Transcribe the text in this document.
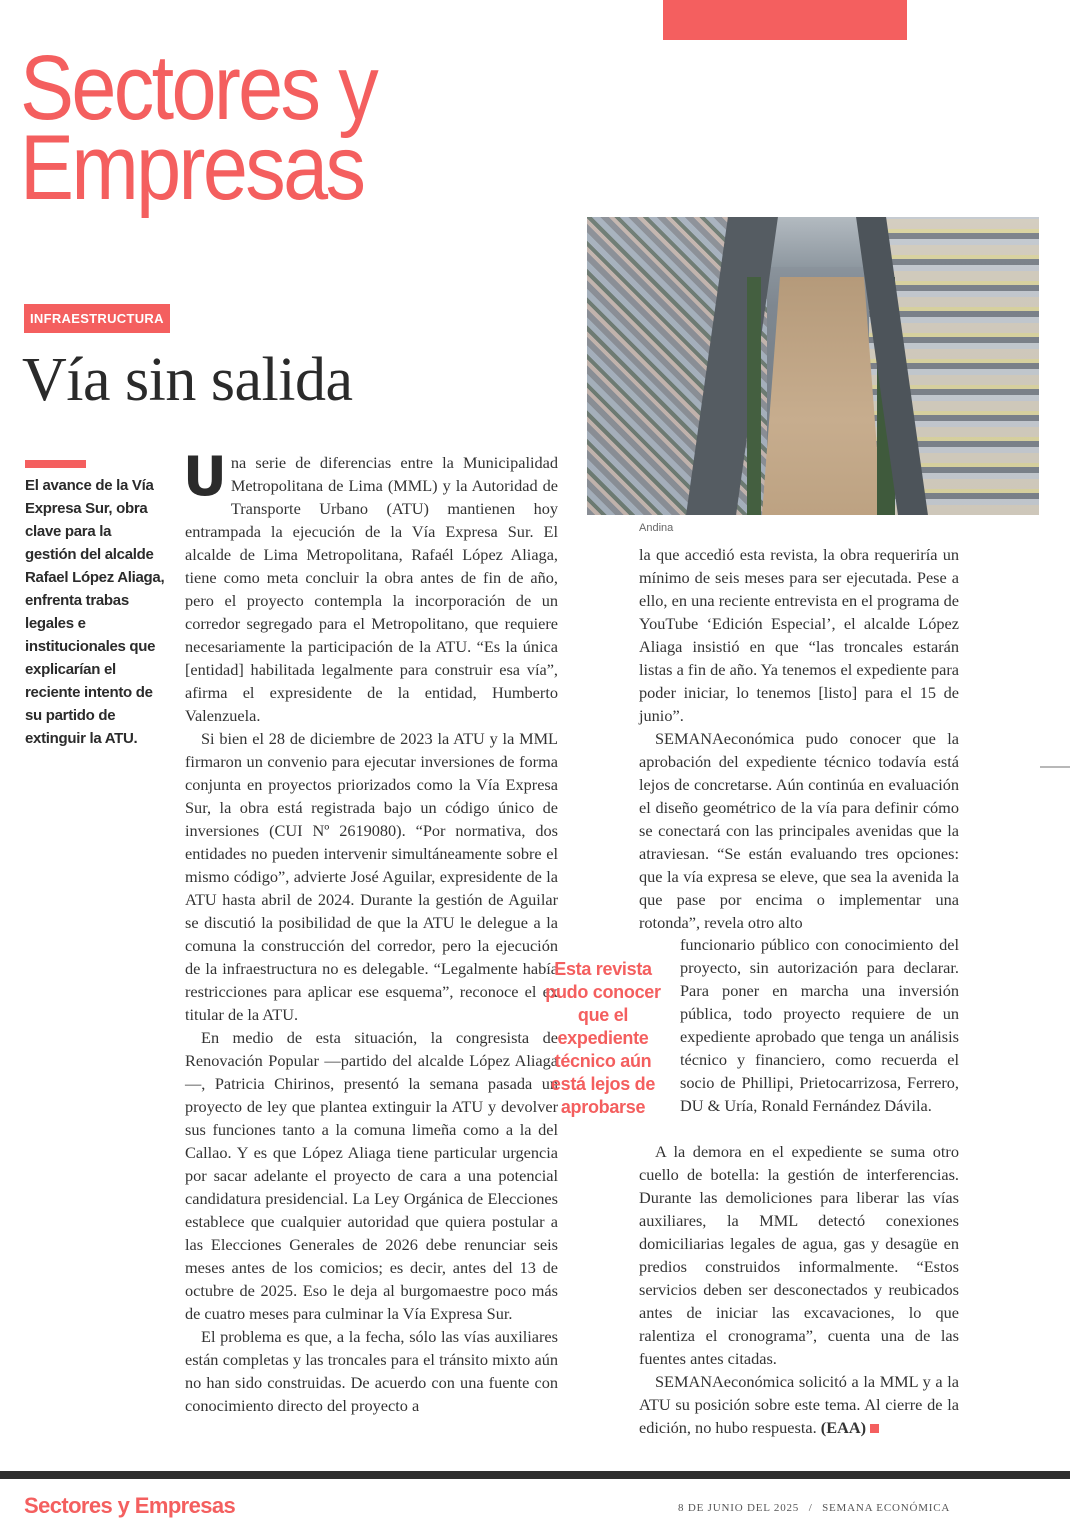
Sectores y
Empresas
INFRAESTRUCTURA
Vía sin salida
El avance de la Vía Expresa Sur, obra clave para la gestión del alcalde Rafael López Aliaga, enfrenta trabas legales e institucionales que explicarían el reciente intento de su partido de extinguir la ATU.

U na serie de diferencias entre la Municipalidad Metropolitana de Lima (MML) y la Autoridad de Transporte Urbano (ATU) mantienen hoy entrampada la ejecución de la Vía Expresa Sur. El alcalde de Lima Metropolitana, Rafaél López Aliaga, tiene como meta concluir la obra antes de fin de año, pero el proyecto contempla la incorporación de un corredor segregado para el Metropolitano, que requiere necesariamente la participación de la ATU. “Es la única [entidad] habilitada legalmente para construir esa vía”, afirma el expresidente de la entidad, Humberto Valenzuela.

Si bien el 28 de diciembre de 2023 la ATU y la MML firmaron un convenio para ejecutar inversiones de forma conjunta en proyectos priorizados como la Vía Expresa Sur, la obra está registrada bajo un código único de inversiones (CUI Nº 2619080). “Por normativa, dos entidades no pueden intervenir simultáneamente sobre el mismo código”, advierte José Aguilar, expresidente de la ATU hasta abril de 2024. Durante la gestión de Aguilar se discutió la posibilidad de que la ATU le delegue a la comuna la construcción del corredor, pero la ejecución de la infraestructura no es delegable. “Legalmente había restricciones para aplicar ese esquema”, reconoce el ex titular de la ATU.

En medio de esta situación, la congresista de Renovación Popular —partido del alcalde López Aliaga—, Patricia Chirinos, presentó la semana pasada un proyecto de ley que plantea extinguir la ATU y devolver sus funciones tanto a la comuna limeña como a la del Callao. Y es que López Aliaga tiene particular urgencia por sacar adelante el proyecto de cara a una potencial candidatura presidencial. La Ley Orgánica de Elecciones establece que cualquier autoridad que quiera postular a las Elecciones Generales de 2026 debe renunciar seis meses antes de los comicios; es decir, antes del 13 de octubre de 2025. Eso le deja al burgomaestre poco más de cuatro meses para culminar la Vía Expresa Sur.

El problema es que, a la fecha, sólo las vías auxiliares están completas y las troncales para el tránsito mixto aún no han sido construidas. De acuerdo con una fuente con conocimiento directo del proyecto a

Andina

la que accedió esta revista, la obra requeriría un mínimo de seis meses para ser ejecutada. Pese a ello, en una reciente entrevista en el programa de YouTube ‘Edición Especial’, el alcalde López Aliaga insistió en que “las troncales estarán listas a fin de año. Ya tenemos el expediente para poder iniciar, lo tenemos [listo] para el 15 de junio”.

SEMANAeconómica pudo conocer que la aprobación del expediente técnico todavía está lejos de concretarse. Aún continúa en evaluación el diseño geométrico de la vía para definir cómo se conectará con las principales avenidas que la atraviesan. “Se están evaluando tres opciones: que la vía expresa se eleve, que sea la avenida la que pase por encima o implementar una rotonda”, revela otro alto

Esta revista pudo conocer que el expediente técnico aún está lejos de aprobarse

funcionario público con conocimiento del proyecto, sin autorización para declarar. Para poner en marcha una inversión pública, todo proyecto requiere de un expediente aprobado que tenga un análisis técnico y financiero, como recuerda el socio de Phillipi, Prietocarrizosa, Ferrero, DU & Uría, Ronald Fernández Dávila.

A la demora en el expediente se suma otro cuello de botella: la gestión de interferencias. Durante las demoliciones para liberar las vías auxiliares, la MML detectó conexiones domiciliarias legales de agua, gas y desagüe en predios construidos informalmente. “Estos servicios deben ser desconectados y reubicados antes de iniciar las excavaciones, lo que ralentiza el cronograma”, cuenta una de las fuentes antes citadas.

SEMANAeconómica solicitó a la MML y a la ATU su posición sobre este tema. Al cierre de la edición, no hubo respuesta. (EAA)

Sectores y Empresas	8 DE JUNIO DEL 2025 / SEMANA ECONÓMICA
